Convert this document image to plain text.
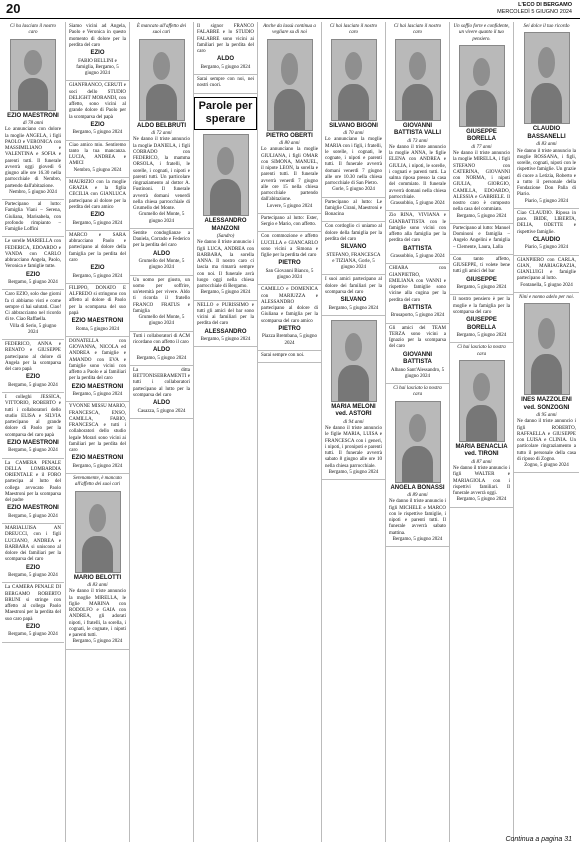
20	L'ECO DI BERGAMO
MERCOLEDÌ 5 GIUGNO 2024
Ci ha lasciato il nostro caro
EZIO MAESTRONI
di 78 anni
Lo annunciano con dolore la moglie ANGELA, i figli PAOLO e VERONICA con MASSIMILIANO e VALENTINA e SOFIA e parenti tutti. Il funerale avverrà oggi giovedì 6 giugno alle ore 16.30 nella parrocchiale di Nembro, partendo dall'abitazione.
Nembro, 5 giugno 2024
Partecipano al lutto: Famiglia Viani – Serena, Giuliana, Marisabela, con profondo rimpianto – Famiglie Loffini
Le sorelle MARIELLA con FEDERICA, EDOARDO e VANDA con CARLO abbracciano Angela, Paolo, Veronica e famiglie tutte.
EZIO
Bergamo, 5 giugno 2024
Caro EZIO, solo due giorni fa ci abbiamo visti e come sempre ci hai salutati. Ciao! Ci abbracciamo nel ricordo di te. Ciao Raffaella.
Villa di Serio, 5 giugno 2024
FEDERICO, ANNA e RENATO e GIUSEPPE partecipano al dolore di Angela per la scomparsa del caro papà
EZIO
Bergamo, 5 giugno 2024
I colleghi JESSICA, VITTORIO, ROBERTO e tutti i collaboratori dello studio ELISA e SILVIA partecipano al grande dolore di Paolo per la scomparsa del caro papà
EZIO MAESTRONI
Bergamo, 5 giugno 2024
La CAMERA PENALE DELLA LOMBARDIA ORIENTALE e il FORO partecipa al lutto del collega avvocato Paolo Maestroni per la scomparsa del padre
EZIO MAESTRONI
Bergamo, 5 giugno 2024
MARIALUISA AN DREUCCI, con i figli LUCIANO, ANDREA e BARBARA si uniscono al dolore dei familiari per la scomparsa del caro
EZIO
Bergamo, 5 giugno 2024
La CAMERA PENALE DI BERGAMO ROBERTO BRUNI si stringe con affetto al collega Paolo Maestroni per la perdita del suo caro papà
EZIO
Bergamo, 5 giugno 2024
Siamo vicini ad Angela, Paolo e Veronica in questo momento di dolore per la perdita del caro
EZIO
FABIO BELLINI e famiglia, Bergamo, 5 giugno 2024
GIANFRANCO, CERUTI e soci dello STUDIO DELIGHT MORANDI, con affetto, sono vicini al grande dolore di Paolo per la scomparsa del papà
EZIO
Bergamo, 5 giugno 2024
Ciao amico mio. Sentiremo tanto la tua mancanza. LUCIA, ANDREA e AMICI
Nembro, 5 giugno 2024
MAURIZIO con la moglie GRAZIA e la figlia CECILIA con GIANLUCA partecipano al dolore per la perdita del caro amico
EZIO
Bergamo, 5 giugno 2024
MARCO e SARA abbracciano Paolo e partecipano al dolore della famiglia per la perdita del caro
EZIO
Bergamo, 5 giugno 2024
FILIPPO, DONATO E ALFREDO si stringono con affetto al dolore di Paolo per la scomparsa del suo papà
EZIO MAESTRONI
Roma, 5 giugno 2024
DONATELLA con GIOVANNA, NICOLA ed ANDREA e famiglie e AMANDO con EVA e famiglie sono vicini con affetto a Paolo e ai familiari per la perdita del caro
EZIO MAESTRONI
Bergamo, 5 giugno 2024
YVONNE MISSU MARIO, FRANCESCA, ENSO, CAMILLA, FABIO, FRANCESCA e tutti i collaboratori dello studio legale Morari sono vicini ai familiari per la perdita del caro
EZIO MAESTRONI
Bergamo, 5 giugno 2024
Serenamente, è mancato all'affetto dei suoi cari
MARIO BELOTTI
di 83 anni
Ne danno il triste annuncio la moglie MIRELLA, le figlie MARINA con RODOLFO e GAIA con ANDREA, gli adorati nipoti, i fratelli, la sorella, i cognati, le cognate, i nipoti e parenti tutti.
Bergamo, 5 giugno 2024
È mancato all'affetto dei suoi cari
ALDO BELBRUTI
di 72 anni
Ne danno il triste annuncio la moglie DANIELA, i figli CORRADO con FEDERICO, la mamma ORSOLA, i fratelli, le sorelle, i cognati, i nipoti e parenti tutti. Un particolare ringraziamento al dottor A. Fustinoni. Il funerale avverrà domani venerdì nella chiesa parrocchiale di Grumello del Monte.
Grumello del Monte, 5 giugno 2024
Sentite condoglianze a Daniela, Corrado e Federico per la perdita del caro
ALDO
Grumello del Monte, 5 giugno 2024
Un uomo per giusto, un uomo per soffrire, un'eternità per vivere. Aldo ti ricorda il fratello FRANCO FRATUS e famiglia
Grumello del Monte, 5 giugno 2024
Tutti i collaboratori di ACM ricordano con affetto il caro
ALDO
Bergamo, 5 giugno 2024
La ditta BETTONISEBRAMENTI e tutti i collaboratori partecipano al lutto per la scomparsa del caro
ALDO
Casazza, 5 giugno 2024
Il signor FRANCO FALABRE e lo STUDIO FALABRE sono vicini ai familiari per la perdita del caro
ALDO
Bergamo, 5 giugno 2024
Sarai sempre con noi, nei nostri cuori.
Parole per sperare
ALESSANDRO MANZONI
(Sandro)
Ne danno il triste annuncio i figli LUCA, ANDREA con BARBARA, la sorella ANNA. Il nostro caro ci lascia ma rimarrà sempre con noi. Il funerale avrà luogo oggi nella chiesa parrocchiale di Bergamo.
Bergamo, 5 giugno 2024
NELLO e PURISSIMO e tutti gli amici del bar sono vicini ai familiari per la perdita del caro
ALESSANDRO
Bergamo, 5 giugno 2024
Anche da lassù continua a vegliare su di noi
PIETRO OBERTI
di 80 anni
Lo annunciano la moglie GIULIANA, i figli OMAR con SIMONA, MANUEL, il nipote LEON, la sorella e parenti tutti. Il funerale avverrà venerdì 7 giugno alle ore 15 nella chiesa parrocchiale partendo dall'abitazione.
Lovere, 5 giugno 2024
Partecipano al lutto: Ester, Sergio e Mario, con affetto.
Con commozione e affetto LUCILLA e GIANCARLO sono vicini a Simona e figlie per la perdita del caro
PIETRO
San Giovanni Bianco, 5 giugno 2024
CAMILLO e DOMENICA con MARIUZZA e ALESSANDRO partecipano al dolore di Giuliana e famiglia per la scomparsa del caro amico
PIETRO
Piazza Brembana, 5 giugno 2024
Sarai sempre con noi.
Ci hai lasciato il nostro caro
SILVANO BIGONI
di 70 anni
Lo annunciano la moglie MARIA con i figli, i fratelli, le sorelle, i cognati, le cognate, i nipoti e parenti tutti. Il funerale avverrà domani venerdì 7 giugno alle ore 10.30 nella chiesa parrocchiale di San Pietro.
Gorle, 5 giugno 2024
Partecipano al lutto: Le famiglie Cirani, Maestroni e Bonacina
Con cordoglio ci uniamo al dolore della famiglia per la perdita del caro
SILVANO
STEFANO, FRANCESCA e TIZIANA, Gorle, 5 giugno 2024
I suoi amici partecipano al dolore dei familiari per la scomparsa del caro
SILVANO
Bergamo, 5 giugno 2024
MARIA MELONI ved. ASTORI
di 94 anni
Ne danno il triste annuncio le figlie MARIA, LUISA e FRANCESCA con i generi, i nipoti, i pronipoti e parenti tutti. Il funerale avverrà sabato 8 giugno alle ore 10 nella chiesa parrocchiale.
Bergamo, 5 giugno 2024
Ci hai lasciato il nostro caro
GIOVANNI BATTISTA VALLI
di 73 anni
Ne danno il triste annuncio la moglie ANNA, le figlie ELENA con ANDREA e GIULIA, i nipoti, le sorelle, i cognati e parenti tutti. La salma riposa presso la casa del commiato. Il funerale avverrà domani nella chiesa parrocchiale.
Grassobbio, 5 giugno 2024
Zio RINA, VIVIANA e GIANBATTISTA con le famiglie sono vicini con affetto alla famiglia per la perdita del caro
BATTISTA
Grassobbio, 5 giugno 2024
CHIARA con GIANPIETRO, EMILIANA con VANNI e rispettive famiglie sono vicine alla cugina per la perdita del caro
BATTISTA
Brusaporto, 5 giugno 2024
Gli amici del TEAM TERZA sono vicini a Ignazio per la scomparsa del caro
GIOVANNI BATTISTA
Albano Sant'Alessandro, 5 giugno 2024
Ci hai lasciato la nostra cara
ANGELA BONASSI
di 89 anni
Ne danno il triste annuncio i figli MICHELE e MARCO con le rispettive famiglie, i nipoti e parenti tutti. Il funerale avverrà sabato mattina.
Bergamo, 5 giugno 2024
Un soffio forte e confidente, un vivere quanto il tuo pensiero.
GIUSEPPE BORELLA
di 77 anni
Ne danno il triste annuncio la moglie MIRELLA, i figli STEFANO con CATERINA, GIOVANNI con NORMA, i nipoti GIULIA, GIORGIO, CAMILLA, EDOARDO, ALESSIA e GABRIELE. Il nostro caro è composto nella casa del commiato.
Bergamo, 5 giugno 2024
Partecipano al lutto: Manuel Dominoni e famiglia – Angelo Angelini e famiglia – Clemente, Laura, Lalla
Con tanto affetto, GIUSEPPE, ti volete bene tutti gli amici del bar
GIUSEPPE
Bergamo, 5 giugno 2024
Il nostro pensiero è per la moglie e la famiglia per la scomparsa del caro
GIUSEPPE BORELLA
Bergamo, 5 giugno 2024
Ci hai lasciato la nostra cara
MARIA BENACLIA ved. TIRONI
di 87 anni
Ne danno il triste annuncio i figli WALTER e MARIAGIOLA con i rispettivi familiari. Il funerale avverrà oggi.
Bergamo, 5 giugno 2024
Sei dolce il tuo ricordo
CLAUDIO BASSANELLI
di 83 anni
Ne danno il triste annuncio la moglie ROSSANA, i figli, sorelle, cognati, nipoti con le rispettive famiglie. Un grazie di cuore a Letizia, Roberto e a tutto il personale della Fondazione Don Palla di Piario.
Piario, 5 giugno 2024
Ciao CLAUDIO. Riposa in pace. IRIDE, LIBERTA, DELIA, ODETTE e rispettive famiglie.
CLAUDIO
Piario, 5 giugno 2024
GIANPIERO con CARLA, GIAN, MARIAGRAZIA, GIANLUIGI e famiglie partecipano al lutto.
Fontanella, 5 giugno 2024
Nini e nonno adelo per noi.
INES MAZZOLENI ved. SONZOGNI
di 95 anni
Ne danno il triste annuncio i figli ROBERTO, RAFFAELLA e GIUSEPPE con LUISA e CLINIA. Un particolare ringraziamento a tutto il personale della casa di riposo di Zogno.
Zogno, 5 giugno 2024
Continua a pagina 31
